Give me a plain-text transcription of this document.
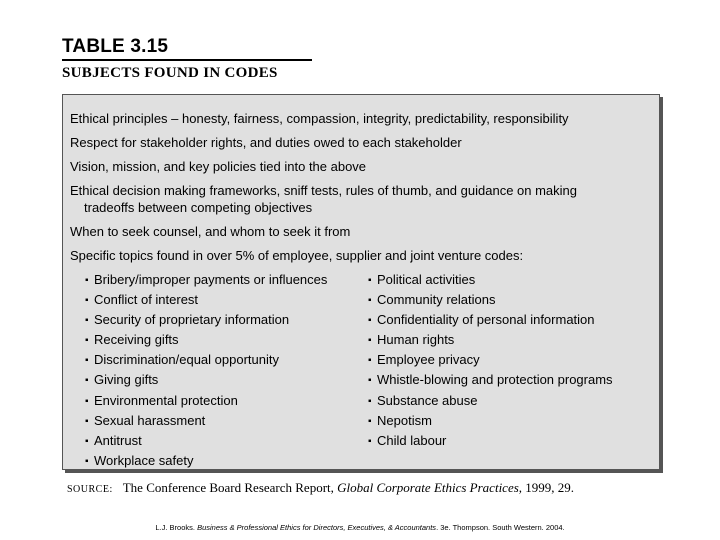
TABLE 3.15
SUBJECTS FOUND IN CODES
Ethical principles – honesty, fairness, compassion, integrity, predictability, responsibility
Respect for stakeholder rights, and duties owed to each stakeholder
Vision, mission, and key policies tied into the above
Ethical decision making frameworks, sniff tests, rules of thumb, and guidance on making
tradeoffs between competing objectives
When to seek counsel, and whom to seek it from
Specific topics found in over 5% of employee, supplier and joint venture codes:
▪ Bribery/improper payments or influences
▪ Conflict of interest
▪ Security of proprietary information
▪ Receiving gifts
▪ Discrimination/equal opportunity
▪ Giving gifts
▪ Environmental protection
▪ Sexual harassment
▪ Antitrust
▪ Workplace safety
▪ Political activities
▪ Community relations
▪ Confidentiality of personal information
▪ Human rights
▪ Employee privacy
▪ Whistle-blowing and protection programs
▪ Substance abuse
▪ Nepotism
▪ Child labour
SOURCE: The Conference Board Research Report, Global Corporate Ethics Practices, 1999, 29.
L.J. Brooks. Business & Professional Ethics for Directors, Executives, & Accountants. 3e. Thompson. South Western. 2004.
